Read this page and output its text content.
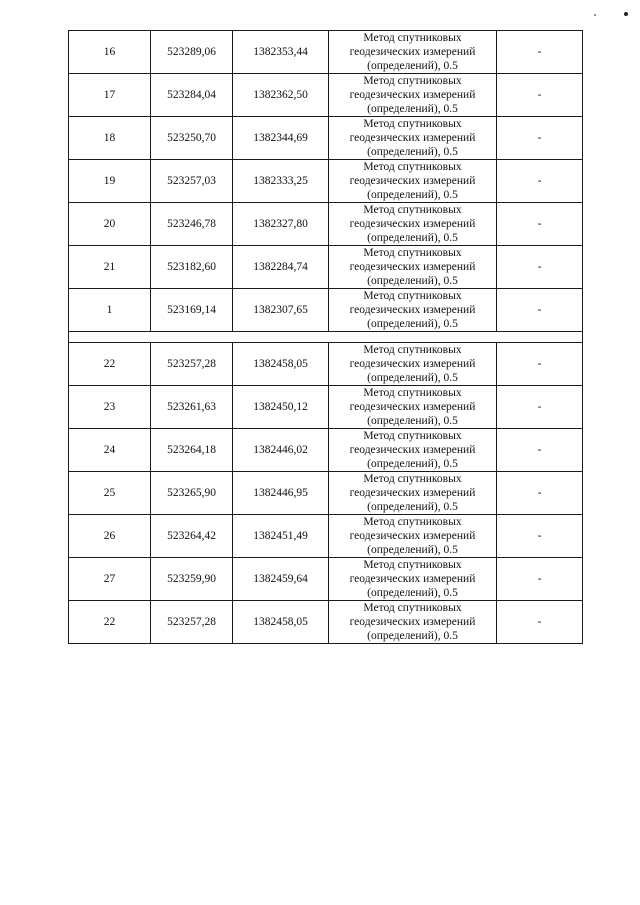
16	523289,06	1382353,44	Метод спутниковых
геодезических измерений
(определений), 0.5	-
17	523284,04	1382362,50	Метод спутниковых
геодезических измерений
(определений), 0.5	-
18	523250,70	1382344,69	Метод спутниковых
геодезических измерений
(определений), 0.5	-
19	523257,03	1382333,25	Метод спутниковых
геодезических измерений
(определений), 0.5	-
20	523246,78	1382327,80	Метод спутниковых
геодезических измерений
(определений), 0.5	-
21	523182,60	1382284,74	Метод спутниковых
геодезических измерений
(определений), 0.5	-
1	523169,14	1382307,65	Метод спутниковых
геодезических измерений
(определений), 0.5	-

22	523257,28	1382458,05	Метод спутниковых
геодезических измерений
(определений), 0.5	-
23	523261,63	1382450,12	Метод спутниковых
геодезических измерений
(определений), 0.5	-
24	523264,18	1382446,02	Метод спутниковых
геодезических измерений
(определений), 0.5	-
25	523265,90	1382446,95	Метод спутниковых
геодезических измерений
(определений), 0.5	-
26	523264,42	1382451,49	Метод спутниковых
геодезических измерений
(определений), 0.5	-
27	523259,90	1382459,64	Метод спутниковых
геодезических измерений
(определений), 0.5	-
22	523257,28	1382458,05	Метод спутниковых
геодезических измерений
(определений), 0.5	-
